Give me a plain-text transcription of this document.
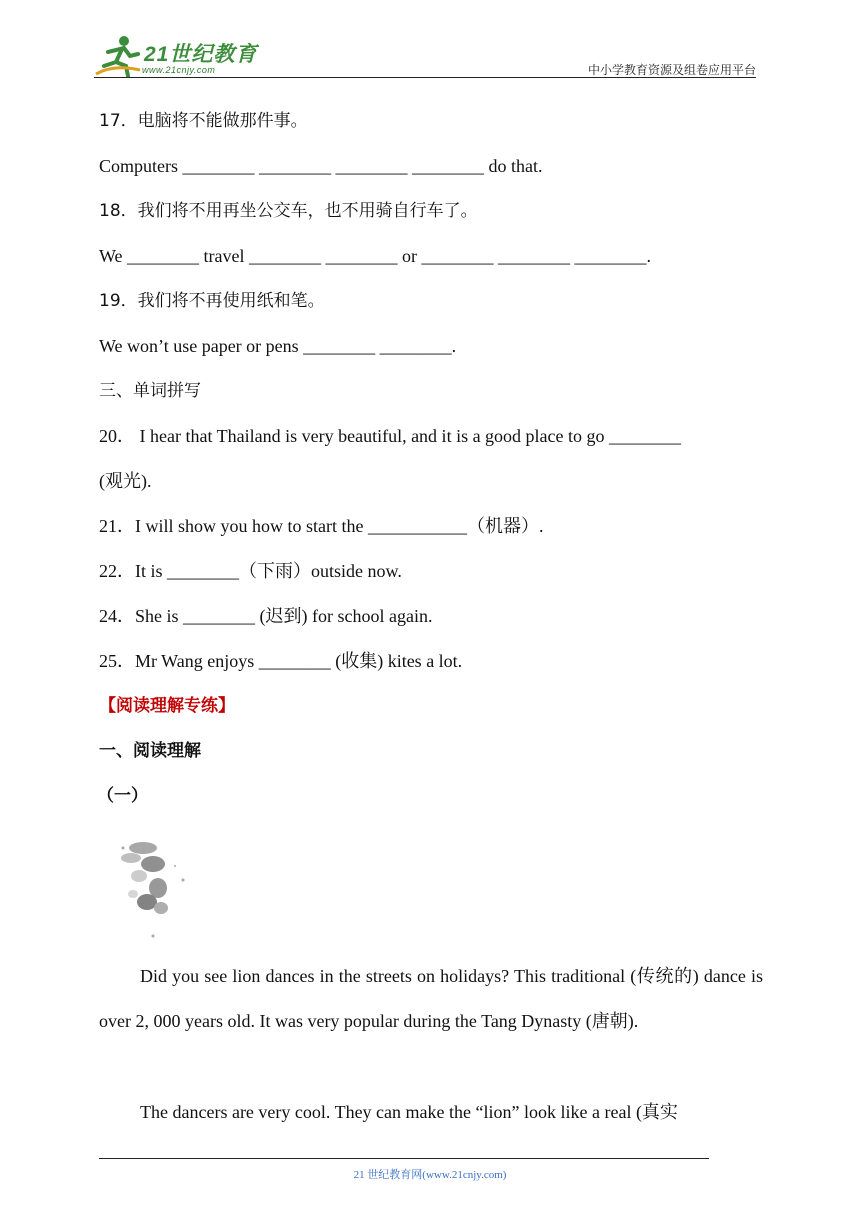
21世纪教育
www.21cnjy.com	中小学教育资源及组卷应用平台
17．电脑将不能做那件事。
Computers ________ ________ ________ ________ do that.
18．我们将不用再坐公交车，也不用骑自行车了。
We ________ travel ________ ________ or ________ ________ ________.
19．我们将不再使用纸和笔。
We won’t use paper or pens ________ ________.
三、单词拼写
20． I hear that Thailand is very beautiful, and it is a good place to go ________
(观光).
21．I will show you how to start the ___________（机器）.
22．It is ________（下雨）outside now.
24．She is ________ (迟到) for school again.
25．Mr Wang enjoys ________ (收集) kites a lot.
【阅读理解专练】
一、阅读理解
（一）
Did you see lion dances in the streets on holidays? This traditional (传统的) dance is over 2, 000 years old. It was very popular during the Tang Dynasty (唐朝).
The dancers are very cool. They can make the “lion” look like a real (真实
21 世纪教育网(www.21cnjy.com)
